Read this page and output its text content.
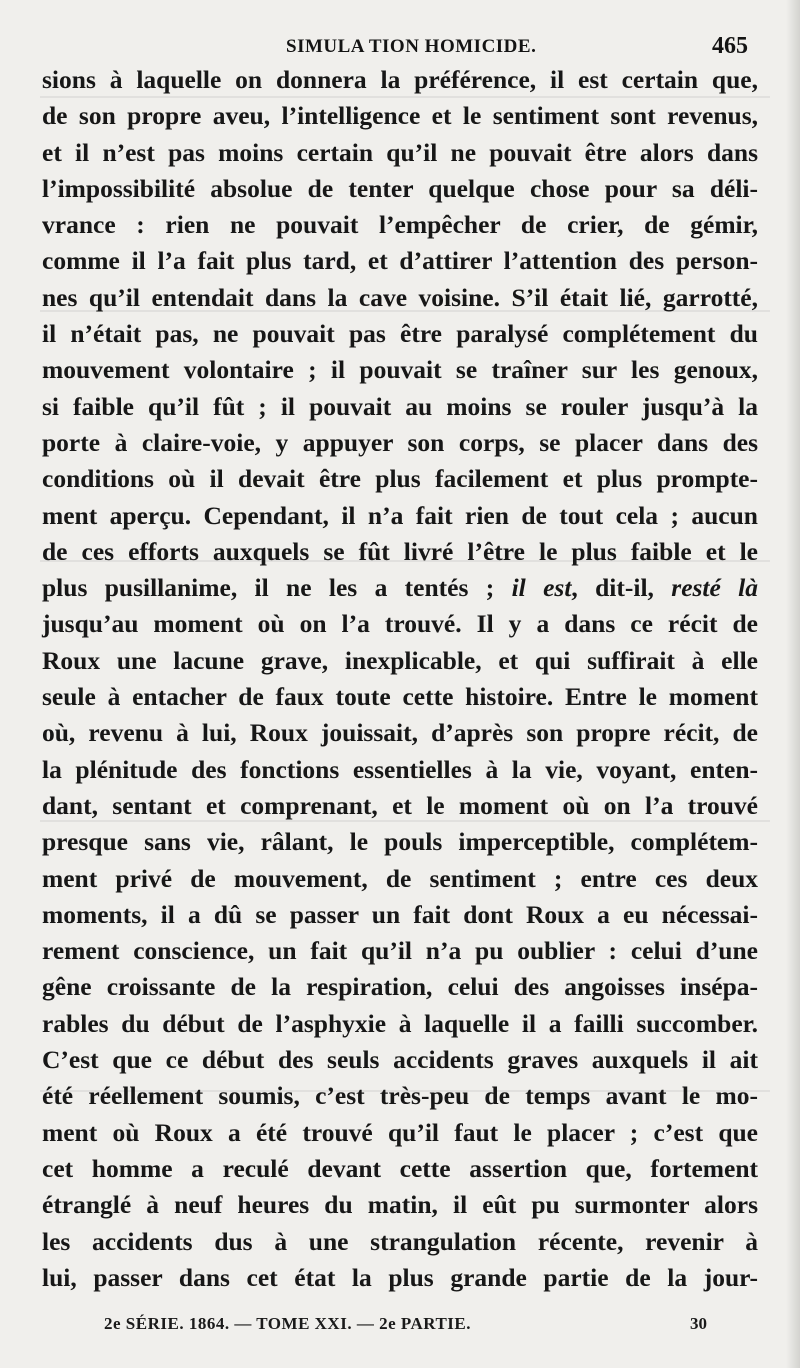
SIMULA TION HOMICIDE.	465
sions à laquelle on donnera la préférence, il est certain que,
de son propre aveu, l’intelligence et le sentiment sont revenus,
et il n’est pas moins certain qu’il ne pouvait être alors dans
l’impossibilité absolue de tenter quelque chose pour sa déli-
vrance : rien ne pouvait l’empêcher de crier, de gémir,
comme il l’a fait plus tard, et d’attirer l’attention des person-
nes qu’il entendait dans la cave voisine. S’il était lié, garrotté,
il n’était pas, ne pouvait pas être paralysé complétement du
mouvement volontaire ; il pouvait se traîner sur les genoux,
si faible qu’il fût ; il pouvait au moins se rouler jusqu’à la
porte à claire-voie, y appuyer son corps, se placer dans des
conditions où il devait être plus facilement et plus prompte-
ment aperçu. Cependant, il n’a fait rien de tout cela ; aucun
de ces efforts auxquels se fût livré l’être le plus faible et le
plus pusillanime, il ne les a tentés ; il est, dit-il, resté là
jusqu’au moment où on l’a trouvé. Il y a dans ce récit de
Roux une lacune grave, inexplicable, et qui suffirait à elle
seule à entacher de faux toute cette histoire. Entre le moment
où, revenu à lui, Roux jouissait, d’après son propre récit, de
la plénitude des fonctions essentielles à la vie, voyant, enten-
dant, sentant et comprenant, et le moment où on l’a trouvé
presque sans vie, râlant, le pouls imperceptible, complétem-
ment privé de mouvement, de sentiment ; entre ces deux
moments, il a dû se passer un fait dont Roux a eu nécessai-
rement conscience, un fait qu’il n’a pu oublier : celui d’une
gêne croissante de la respiration, celui des angoisses insépa-
rables du début de l’asphyxie à laquelle il a failli succomber.
C’est que ce début des seuls accidents graves auxquels il ait
été réellement soumis, c’est très-peu de temps avant le mo-
ment où Roux a été trouvé qu’il faut le placer ; c’est que
cet homme a reculé devant cette assertion que, fortement
étranglé à neuf heures du matin, il eût pu surmonter alors
les accidents dus à une strangulation récente, revenir à
lui, passer dans cet état la plus grande partie de la jour-
2e SÉRIE. 1864. — TOME XXI. — 2e PARTIE.	30
